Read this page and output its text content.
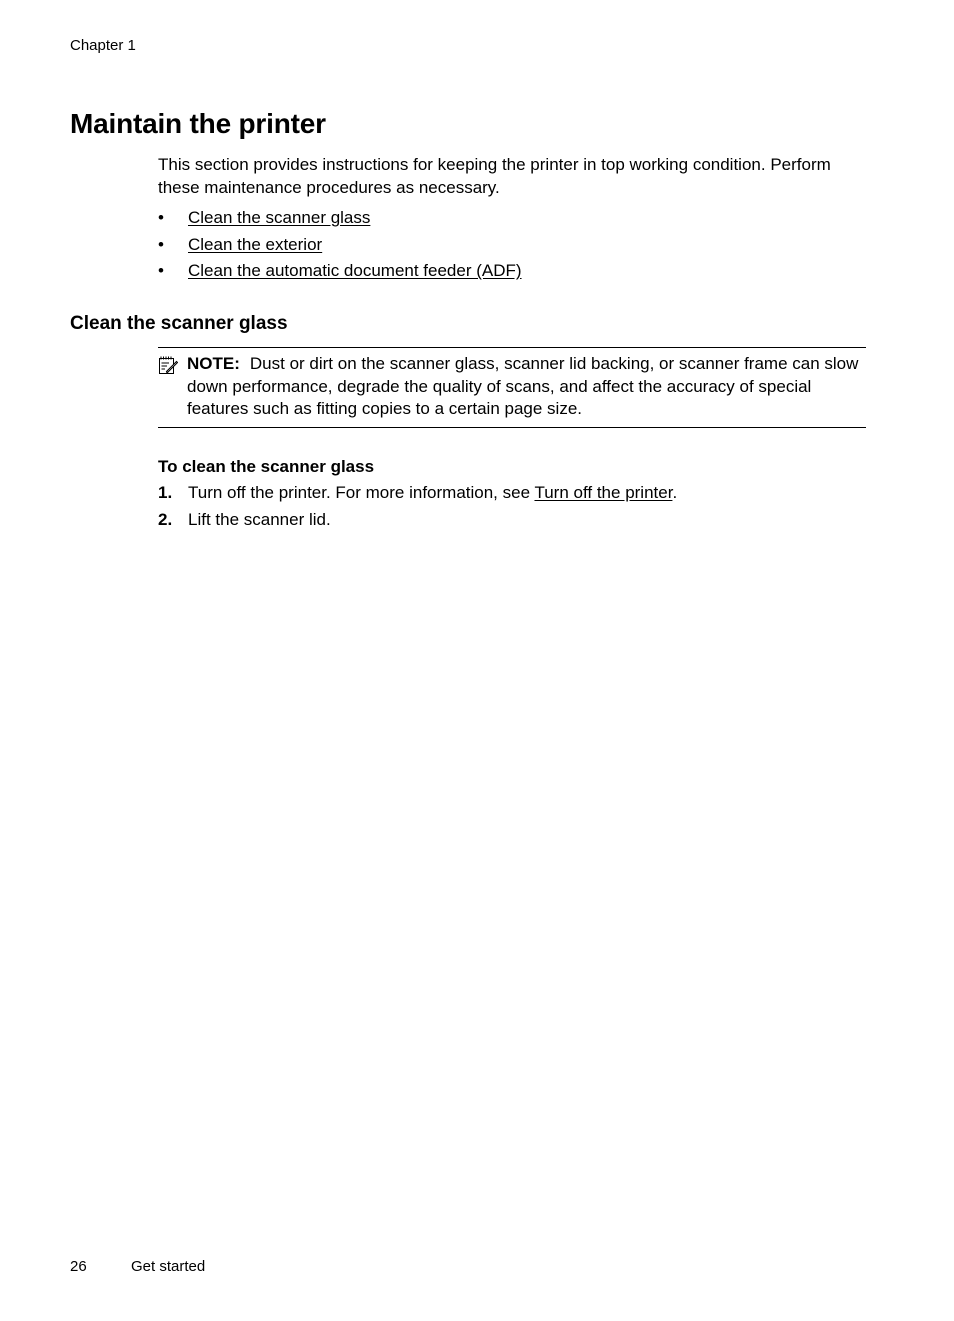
Chapter 1
Maintain the printer

This section provides instructions for keeping the printer in top working condition. Perform these maintenance procedures as necessary.

• Clean the scanner glass
• Clean the exterior
• Clean the automatic document feeder (ADF)
Clean the scanner glass

NOTE: Dust or dirt on the scanner glass, scanner lid backing, or scanner frame can slow down performance, degrade the quality of scans, and affect the accuracy of special features such as fitting copies to a certain page size.

To clean the scanner glass
1. Turn off the printer. For more information, see Turn off the printer.
2. Lift the scanner lid.
26	Get started
